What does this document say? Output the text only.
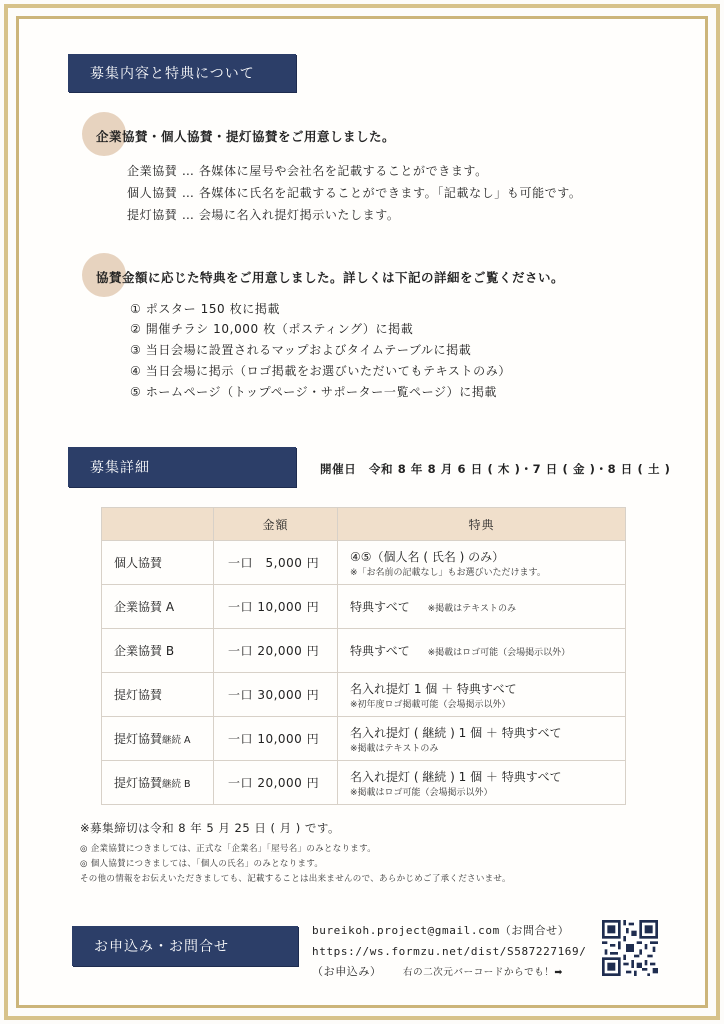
募集内容と特典について
企業協賛・個人協賛・提灯協賛をご用意しました。
企業協賛 … 各媒体に屋号や会社名を記載することができます。
個人協賛 … 各媒体に氏名を記載することができます。「記載なし」も可能です。
提灯協賛 … 会場に名入れ提灯掲示いたします。
協賛金額に応じた特典をご用意しました。詳しくは下記の詳細をご覧ください。
① ポスター 150 枚に掲載
② 開催チラシ 10,000 枚（ポスティング）に掲載
③ 当日会場に設置されるマップおよびタイムテーブルに掲載
④ 当日会場に掲示（ロゴ掲載をお選びいただいてもテキストのみ）
⑤ ホームページ（トップページ・サポーター一覧ページ）に掲載
募集詳細	開催日 令和 8 年 8 月 6 日 ( 木 )・7 日 ( 金 )・8 日 ( 土 )
	金額	特典
個人協賛	一口　5,000 円	④⑤（個人名 ( 氏名 ) のみ）
※「お名前の記載なし」もお選びいただけます。

企業協賛 A	一口 10,000 円	特典すべて ※掲載はテキストのみ
企業協賛 B	一口 20,000 円	特典すべて ※掲載はロゴ可能（会場掲示以外）
提灯協賛	一口 30,000 円	名入れ提灯 1 個 ＋ 特典すべて
※初年度ロゴ掲載可能（会場掲示以外）

提灯協賛継続 A	一口 10,000 円	名入れ提灯 ( 継続 ) 1 個 ＋ 特典すべて
※掲載はテキストのみ

提灯協賛継続 B	一口 20,000 円	名入れ提灯 ( 継続 ) 1 個 ＋ 特典すべて
※掲載はロゴ可能（会場掲示以外）
※募集締切は令和 8 年 5 月 25 日 ( 月 ) です。
◎ 企業協賛につきましては、正式な「企業名」「屋号名」のみとなります。
◎ 個人協賛につきましては、「個人の氏名」のみとなります。
その他の情報をお伝えいただきましても、記載することは出来ませんので、あらかじめご了承くださいませ。
お申込み・お問合せ
bureikoh.project@gmail.com（お問合せ）
https://ws.formzu.net/dist/S587227169/
（お申込み） 右の二次元バーコードからでも！➡
